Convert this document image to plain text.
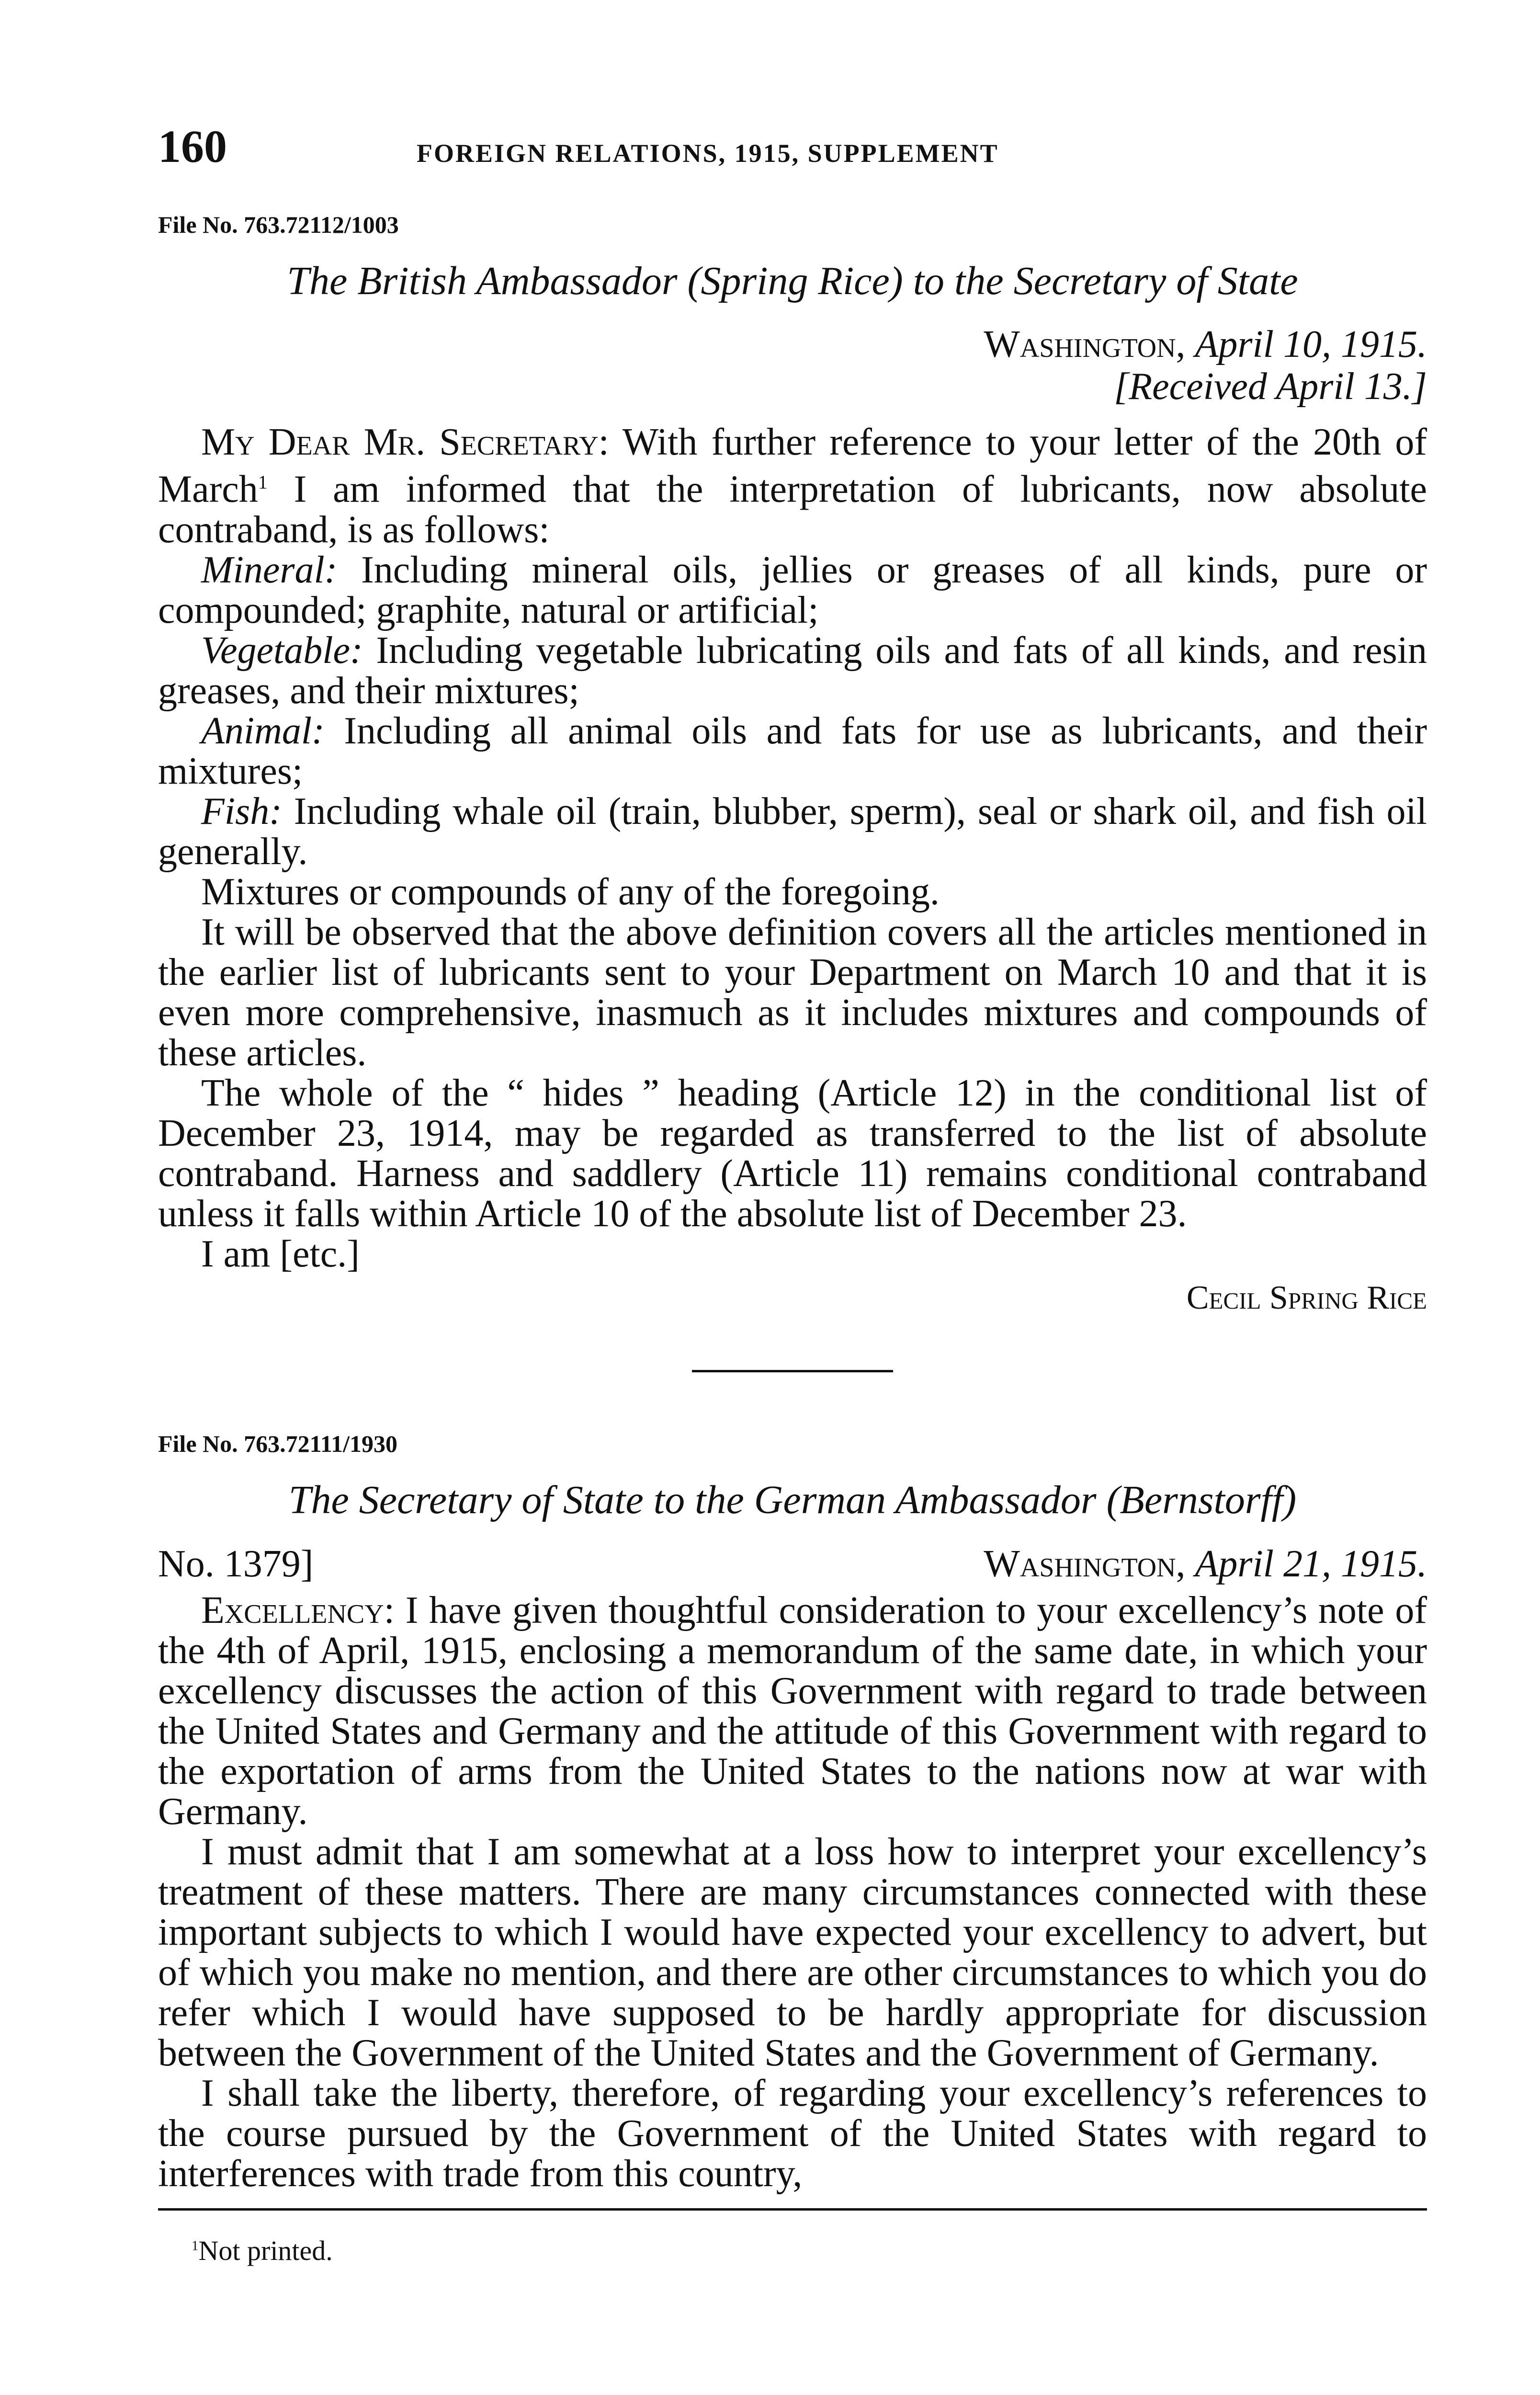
160	FOREIGN RELATIONS, 1915, SUPPLEMENT
File No. 763.72112/1003
The British Ambassador (Spring Rice) to the Secretary of State
Washington, April 10, 1915.
[Received April 13.]

My Dear Mr. Secretary: With further reference to your letter of the 20th of March$^1$ I am informed that the interpretation of lubricants, now absolute contraband, is as follows:

Mineral: Including mineral oils, jellies or greases of all kinds, pure or compounded; graphite, natural or artificial;

Vegetable: Including vegetable lubricating oils and fats of all kinds, and resin greases, and their mixtures;

Animal: Including all animal oils and fats for use as lubricants, and their mixtures;

Fish: Including whale oil (train, blubber, sperm), seal or shark oil, and fish oil generally.

Mixtures or compounds of any of the foregoing.

It will be observed that the above definition covers all the articles mentioned in the earlier list of lubricants sent to your Department on March 10 and that it is even more comprehensive, inasmuch as it includes mixtures and compounds of these articles.

The whole of the “ hides ” heading (Article 12) in the conditional list of December 23, 1914, may be regarded as transferred to the list of absolute contraband. Harness and saddlery (Article 11) remains conditional contraband unless it falls within Article 10 of the absolute list of December 23.

I am [etc.]

Cecil Spring Rice
File No. 763.72111/1930
The Secretary of State to the German Ambassador (Bernstorff)
No. 1379]	Washington, April 21, 1915.

Excellency: I have given thoughtful consideration to your excellency’s note of the 4th of April, 1915, enclosing a memorandum of the same date, in which your excellency discusses the action of this Government with regard to trade between the United States and Germany and the attitude of this Government with regard to the exportation of arms from the United States to the nations now at war with Germany.

I must admit that I am somewhat at a loss how to interpret your excellency’s treatment of these matters. There are many circumstances connected with these important subjects to which I would have expected your excellency to advert, but of which you make no mention, and there are other circumstances to which you do refer which I would have supposed to be hardly appropriate for discussion between the Government of the United States and the Government of Germany.

I shall take the liberty, therefore, of regarding your excellency’s references to the course pursued by the Government of the United States with regard to interferences with trade from this country,

$^1$Not printed.
